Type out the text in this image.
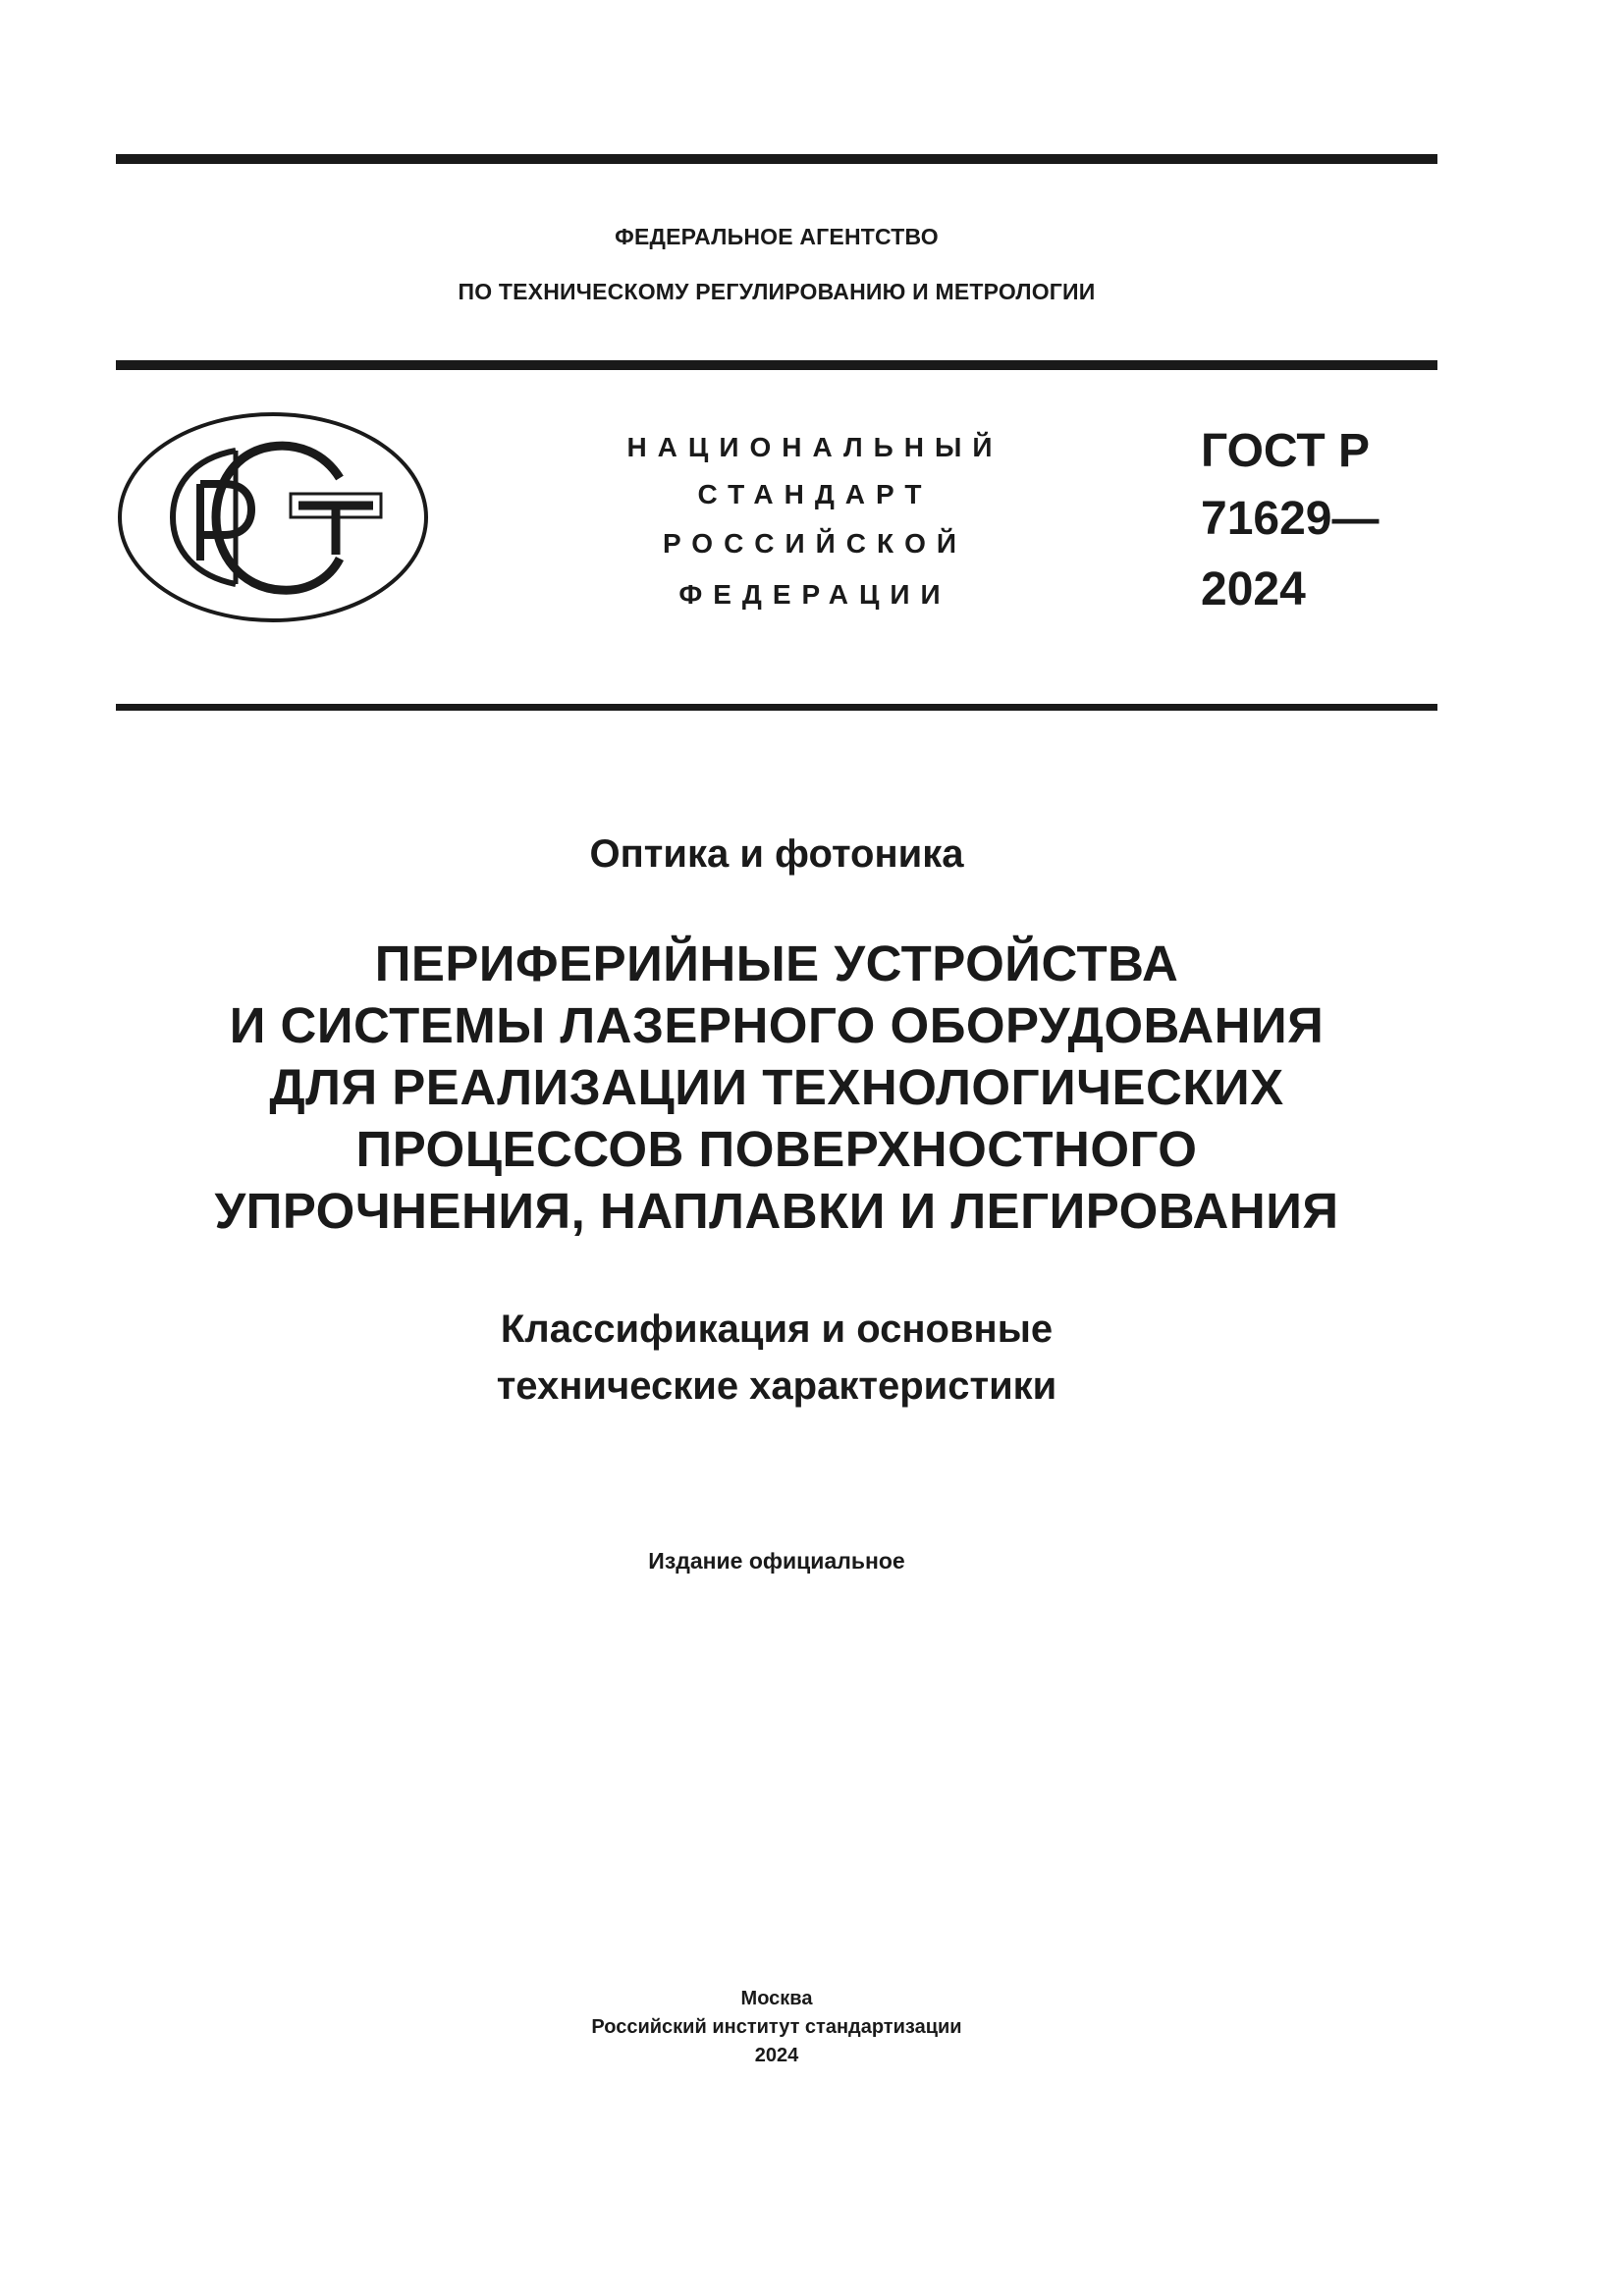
ФЕДЕРАЛЬНОЕ АГЕНТСТВО
ПО ТЕХНИЧЕСКОМУ РЕГУЛИРОВАНИЮ И МЕТРОЛОГИИ
НАЦИОНАЛЬНЫЙ
СТАНДАРТ
РОССИЙСКОЙ
ФЕДЕРАЦИИ
ГОСТ Р
71629—
2024
Оптика и фотоника
ПЕРИФЕРИЙНЫЕ УСТРОЙСТВА
И СИСТЕМЫ ЛАЗЕРНОГО ОБОРУДОВАНИЯ
ДЛЯ РЕАЛИЗАЦИИ ТЕХНОЛОГИЧЕСКИХ
ПРОЦЕССОВ ПОВЕРХНОСТНОГО
УПРОЧНЕНИЯ, НАПЛАВКИ И ЛЕГИРОВАНИЯ
Классификация и основные
технические характеристики
Издание официальное
Москва
Российский институт стандартизации
2024
